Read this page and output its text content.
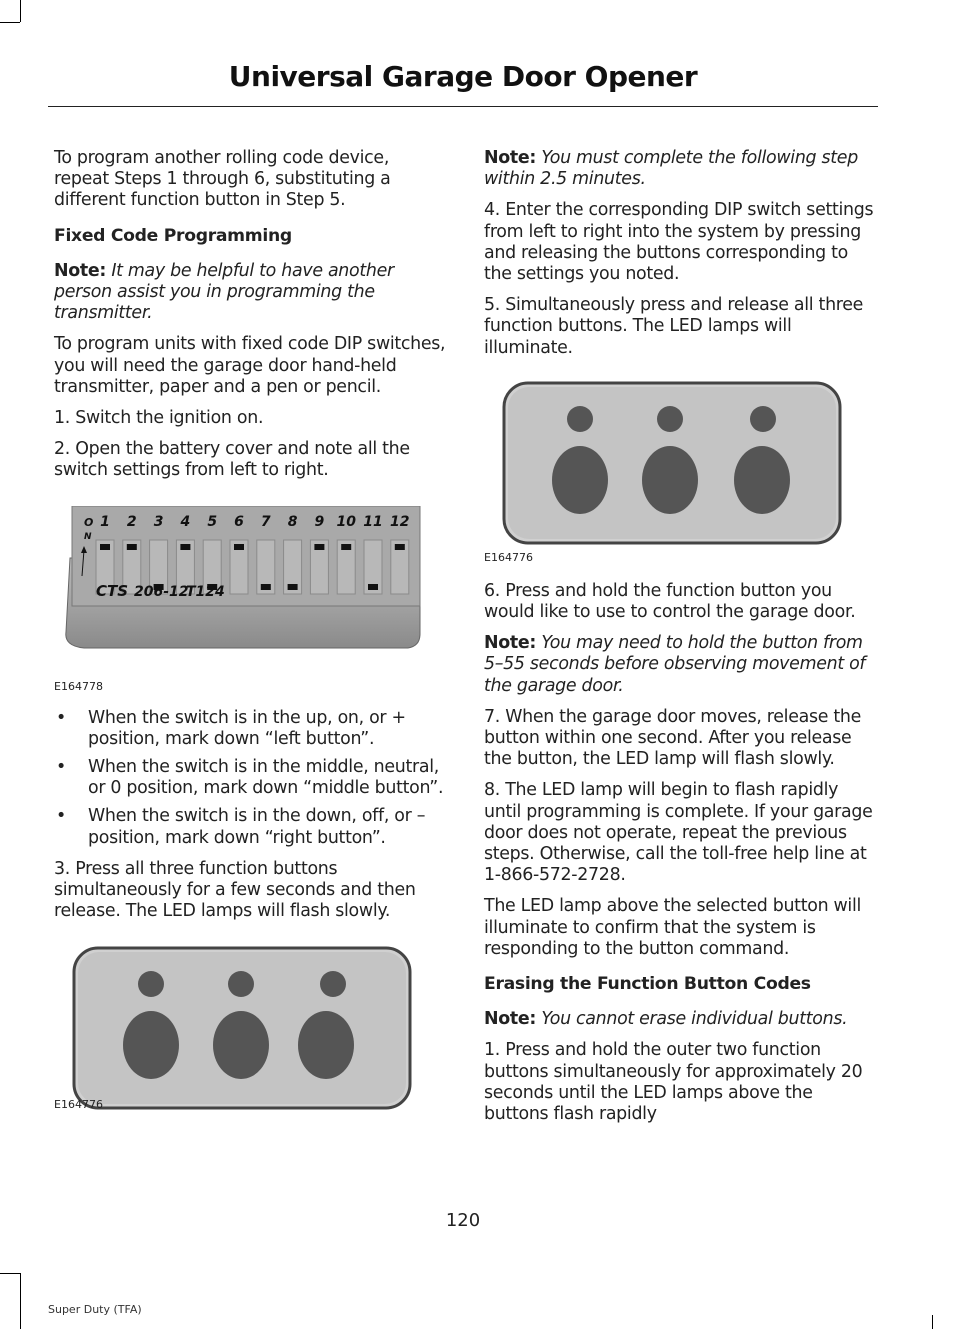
Universal Garage Door Opener

To program another rolling code device, repeat Steps 1 through 6, substituting a different function button in Step 5.

Fixed Code Programming

Note: It may be helpful to have another person assist you in programming the transmitter.

To program units with fixed code DIP switches, you will need the garage door hand-held transmitter, paper and a pen or pencil.

1. Switch the ignition on.

2. Open the battery cover and note all the switch settings from left to right.

1 2 3 4 5 6 7 8 9 10 11 12
O
N
CTS 206-12
T124
E164778
• When the switch is in the up, on, or + position, mark down “left button”.
• When the switch is in the middle, neutral, or 0 position, mark down “middle button”.
• When the switch is in the down, off, or – position, mark down “right button”.

3. Press all three function buttons simultaneously for a few seconds and then release. The LED lamps will flash slowly.

E164776

Note: You must complete the following step within 2.5 minutes.

4. Enter the corresponding DIP switch settings from left to right into the system by pressing and releasing the buttons corresponding to the settings you noted.

5. Simultaneously press and release all three function buttons. The LED lamps will illuminate.

E164776

6. Press and hold the function button you would like to use to control the garage door.

Note: You may need to hold the button from 5–55 seconds before observing movement of the garage door.

7. When the garage door moves, release the button within one second. After you release the button, the LED lamp will flash slowly.

8. The LED lamp will begin to flash rapidly until programming is complete. If your garage door does not operate, repeat the previous steps. Otherwise, call the toll-free help line at 1-866-572-2728.

The LED lamp above the selected button will illuminate to confirm that the system is responding to the button command.

Erasing the Function Button Codes

Note: You cannot erase individual buttons.

1. Press and hold the outer two function buttons simultaneously for approximately 20 seconds until the LED lamps above the buttons flash rapidly

120
Super Duty (TFA)
